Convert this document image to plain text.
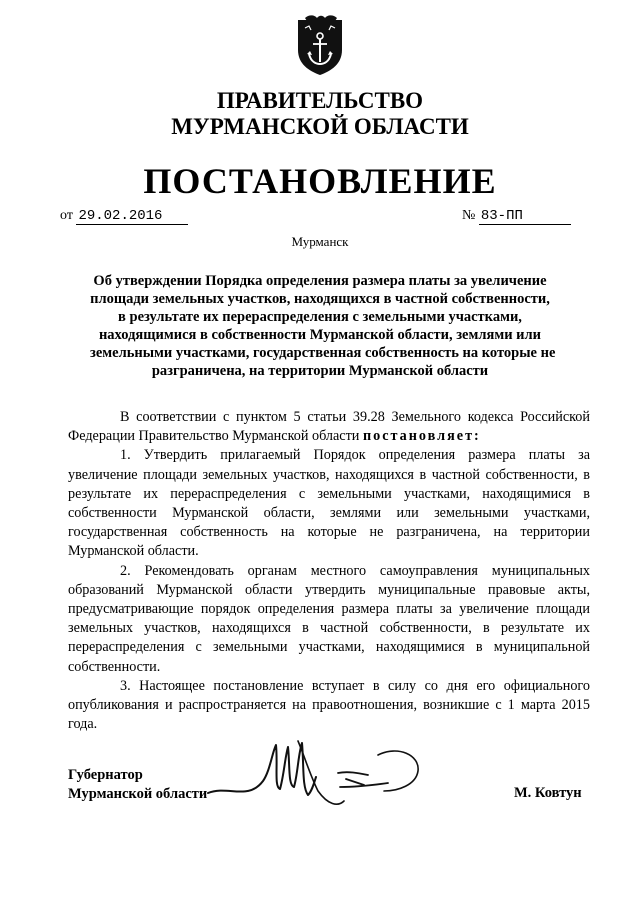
ПРАВИТЕЛЬСТВО
МУРМАНСКОЙ ОБЛАСТИ
ПОСТАНОВЛЕНИЕ
от 29.02.2016	№ 83-ПП
Мурманск
Об утверждении Порядка определения размера платы за увеличение
площади земельных участков, находящихся в частной собственности,
в результате их перераспределения с земельными участками,
находящимися в собственности Мурманской области, землями или
земельными участками, государственная собственность на которые не
разграничена, на территории Мурманской области

В соответствии с пунктом 5 статьи 39.28 Земельного кодекса Российской Федерации Правительство Мурманской области постановляет:

1. Утвердить прилагаемый Порядок определения размера платы за увеличение площади земельных участков, находящихся в частной собственности, в результате их перераспределения с земельными участками, находящимися в собственности Мурманской области, землями или земельными участками, государственная собственность на которые не разграничена, на территории Мурманской области.

2. Рекомендовать органам местного самоуправления муниципальных образований Мурманской области утвердить муниципальные правовые акты, предусматривающие порядок определения размера платы за увеличение площади земельных участков, находящихся в частной собственности, в результате их перераспределения с земельными участками, находящимися в муниципальной собственности.

3. Настоящее постановление вступает в силу со дня его официального опубликования и распространяется на правоотношения, возникшие с 1 марта 2015 года.

Губернатор
Мурманской области	М. Ковтун
